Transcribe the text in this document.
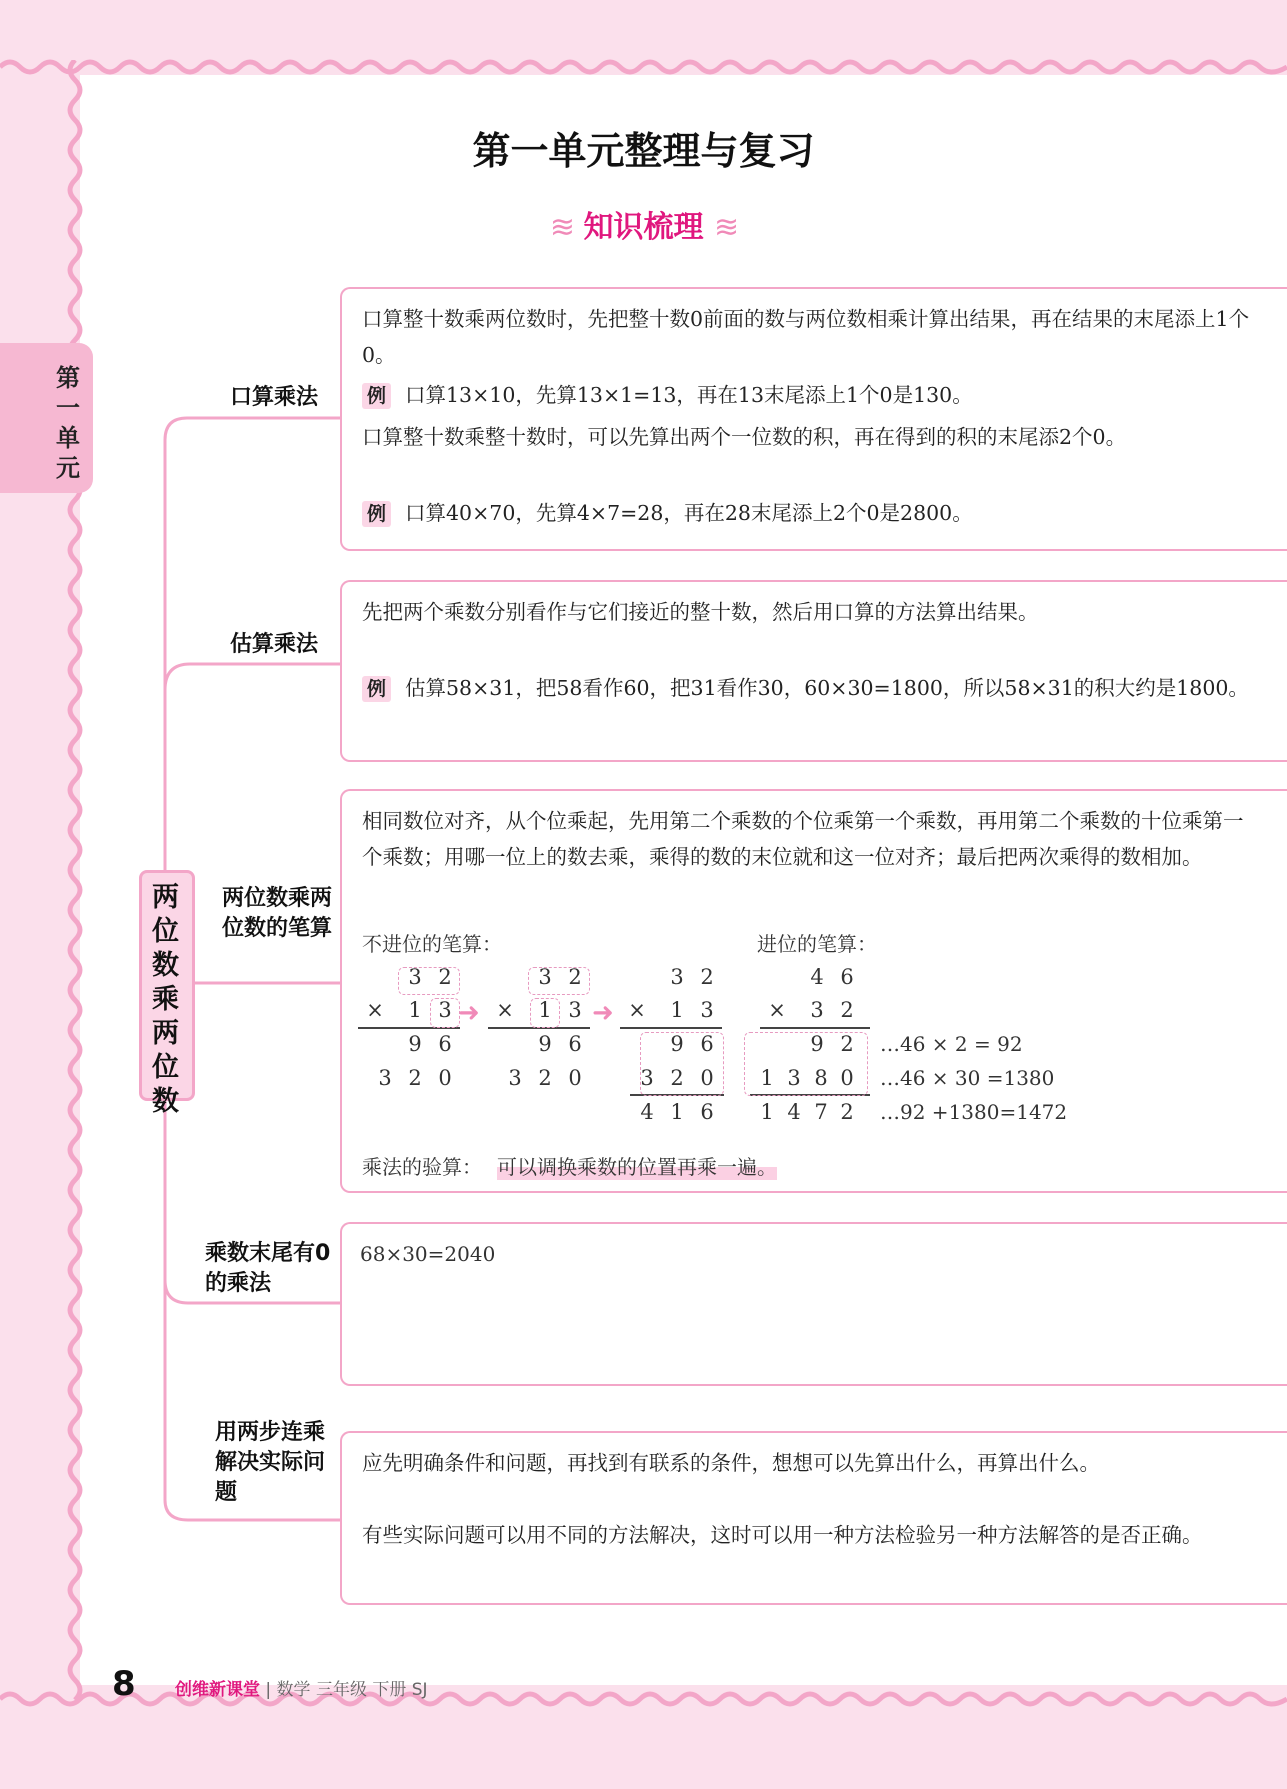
第一单元
第一单元整理与复习
≋ 知识梳理 ≋
两位数乘两位数
口算乘法
估算乘法
两位数乘两位数的笔算
乘数末尾有0的乘法
用两步连乘解决实际问题
口算整十数乘两位数时，先把整十数0前面的数与两位数相乘计算出结果，再在结果的末尾添上1个0。
例 口算13×10，先算13×1=13，再在13末尾添上1个0是130。
口算整十数乘整十数时，可以先算出两个一位数的积，再在得到的积的末尾添2个0。
例 口算40×70，先算4×7=28，再在28末尾添上2个0是2800。
先把两个乘数分别看作与它们接近的整十数，然后用口算的方法算出结果。
例 估算58×31，把58看作60，把31看作30，60×30=1800，所以58×31的积大约是1800。
相同数位对齐，从个位乘起，先用第二个乘数的个位乘第一个乘数，再用第二个乘数的十位乘第一个乘数；用哪一位上的数去乘，乘得的数的末位就和这一位对齐；最后把两次乘得的数相加。
不进位的笔算：	进位的笔算：
乘法的验算： 可以调换乘数的位置再乘一遍。
3 2
×	1 3
9 6
3 2 0
➜
3 2
×	1 3
9 6
3 2 0
➜
3 2
×	1 3
9 6
3 2 0
4 1 6
4 6
×	3 2
9 2
1 3 8 0
1 4 7 2
…46 × 2 = 92
…46 × 30 =1380
…92 +1380=1472
68×30=2040
应先明确条件和问题，再找到有联系的条件，想想可以先算出什么，再算出什么。
有些实际问题可以用不同的方法解决，这时可以用一种方法检验另一种方法解答的是否正确。
8 创维新课堂 | 数学 三年级 下册 SJ
